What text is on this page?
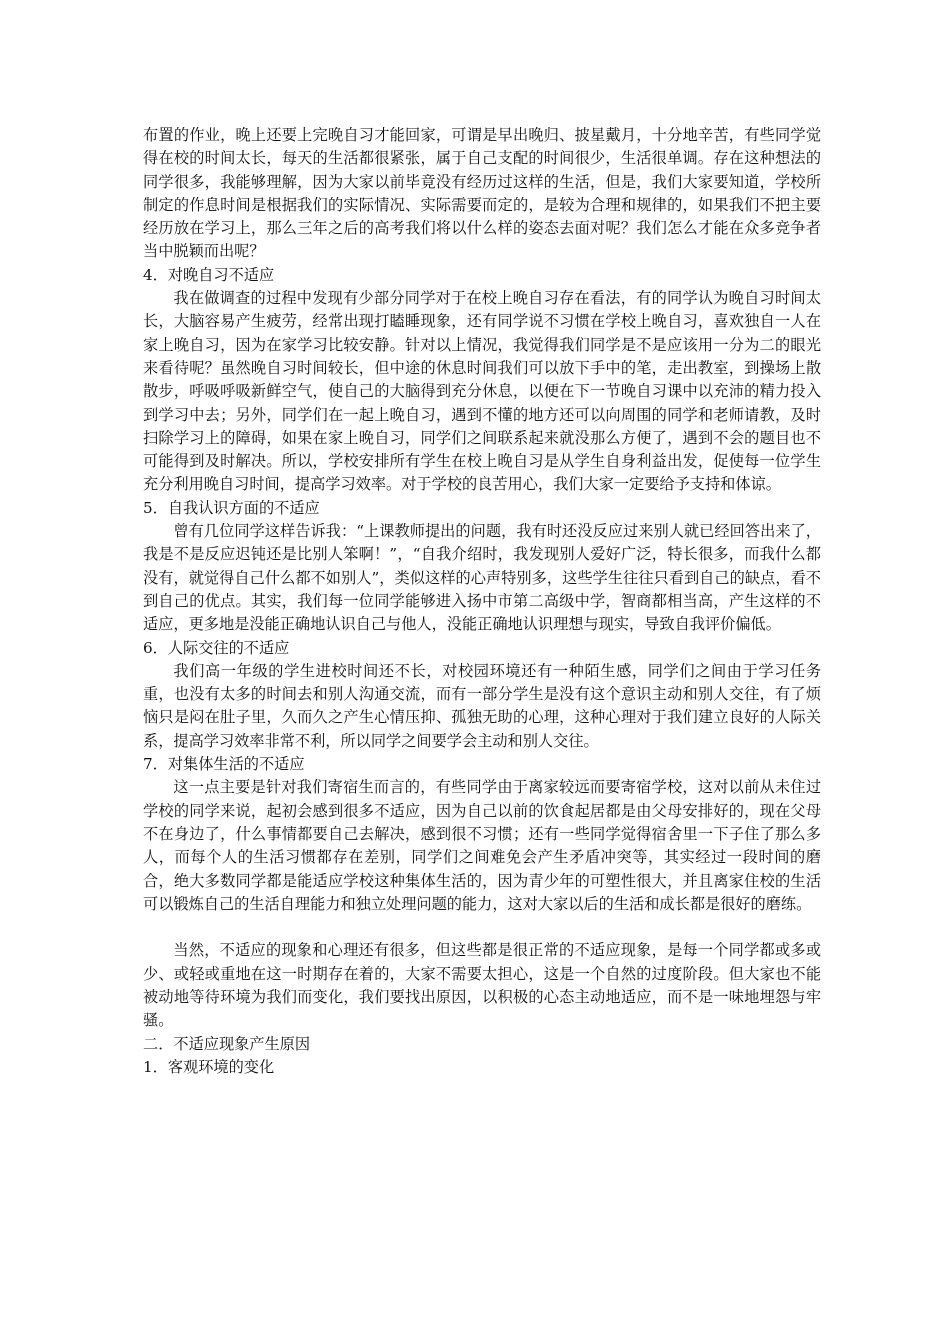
布置的作业，晚上还要上完晚自习才能回家，可谓是早出晚归、披星戴月，十分地辛苦，有些同学觉得在校的时间太长，每天的生活都很紧张，属于自己支配的时间很少，生活很单调。存在这种想法的同学很多，我能够理解，因为大家以前毕竟没有经历过这样的生活，但是，我们大家要知道，学校所制定的作息时间是根据我们的实际情况、实际需要而定的，是较为合理和规律的，如果我们不把主要经历放在学习上，那么三年之后的高考我们将以什么样的姿态去面对呢？我们怎么才能在众多竞争者当中脱颖而出呢？

4．对晚自习不适应

我在做调查的过程中发现有少部分同学对于在校上晚自习存在看法，有的同学认为晚自习时间太长，大脑容易产生疲劳，经常出现打瞌睡现象，还有同学说不习惯在学校上晚自习，喜欢独自一人在家上晚自习，因为在家学习比较安静。针对以上情况，我觉得我们同学是不是应该用一分为二的眼光来看待呢？虽然晚自习时间较长，但中途的休息时间我们可以放下手中的笔，走出教室，到操场上散散步，呼吸呼吸新鲜空气，使自己的大脑得到充分休息，以便在下一节晚自习课中以充沛的精力投入到学习中去；另外，同学们在一起上晚自习，遇到不懂的地方还可以向周围的同学和老师请教，及时扫除学习上的障碍，如果在家上晚自习，同学们之间联系起来就没那么方便了，遇到不会的题目也不可能得到及时解决。所以，学校安排所有学生在校上晚自习是从学生自身利益出发，促使每一位学生充分利用晚自习时间，提高学习效率。对于学校的良苦用心，我们大家一定要给予支持和体谅。

5．自我认识方面的不适应

曾有几位同学这样告诉我：“上课教师提出的问题，我有时还没反应过来别人就已经回答出来了，我是不是反应迟钝还是比别人笨啊！”，“自我介绍时，我发现别人爱好广泛，特长很多，而我什么都没有，就觉得自己什么都不如别人”，类似这样的心声特别多，这些学生往往只看到自己的缺点，看不到自己的优点。其实，我们每一位同学能够进入扬中市第二高级中学，智商都相当高，产生这样的不适应，更多地是没能正确地认识自己与他人，没能正确地认识理想与现实，导致自我评价偏低。

6．人际交往的不适应

我们高一年级的学生进校时间还不长，对校园环境还有一种陌生感，同学们之间由于学习任务重，也没有太多的时间去和别人沟通交流，而有一部分学生是没有这个意识主动和别人交往，有了烦恼只是闷在肚子里，久而久之产生心情压抑、孤独无助的心理，这种心理对于我们建立良好的人际关系，提高学习效率非常不利，所以同学之间要学会主动和别人交往。

7．对集体生活的不适应

这一点主要是针对我们寄宿生而言的，有些同学由于离家较远而要寄宿学校，这对以前从未住过学校的同学来说，起初会感到很多不适应，因为自己以前的饮食起居都是由父母安排好的，现在父母不在身边了，什么事情都要自己去解决，感到很不习惯；还有一些同学觉得宿舍里一下子住了那么多人，而每个人的生活习惯都存在差别，同学们之间难免会产生矛盾冲突等，其实经过一段时间的磨合，绝大多数同学都是能适应学校这种集体生活的，因为青少年的可塑性很大，并且离家住校的生活可以锻炼自己的生活自理能力和独立处理问题的能力，这对大家以后的生活和成长都是很好的磨练。

当然，不适应的现象和心理还有很多，但这些都是很正常的不适应现象，是每一个同学都或多或少、或轻或重地在这一时期存在着的，大家不需要太担心，这是一个自然的过度阶段。但大家也不能被动地等待环境为我们而变化，我们要找出原因，以积极的心态主动地适应，而不是一味地埋怨与牢骚。

二．不适应现象产生原因

1．客观环境的变化
